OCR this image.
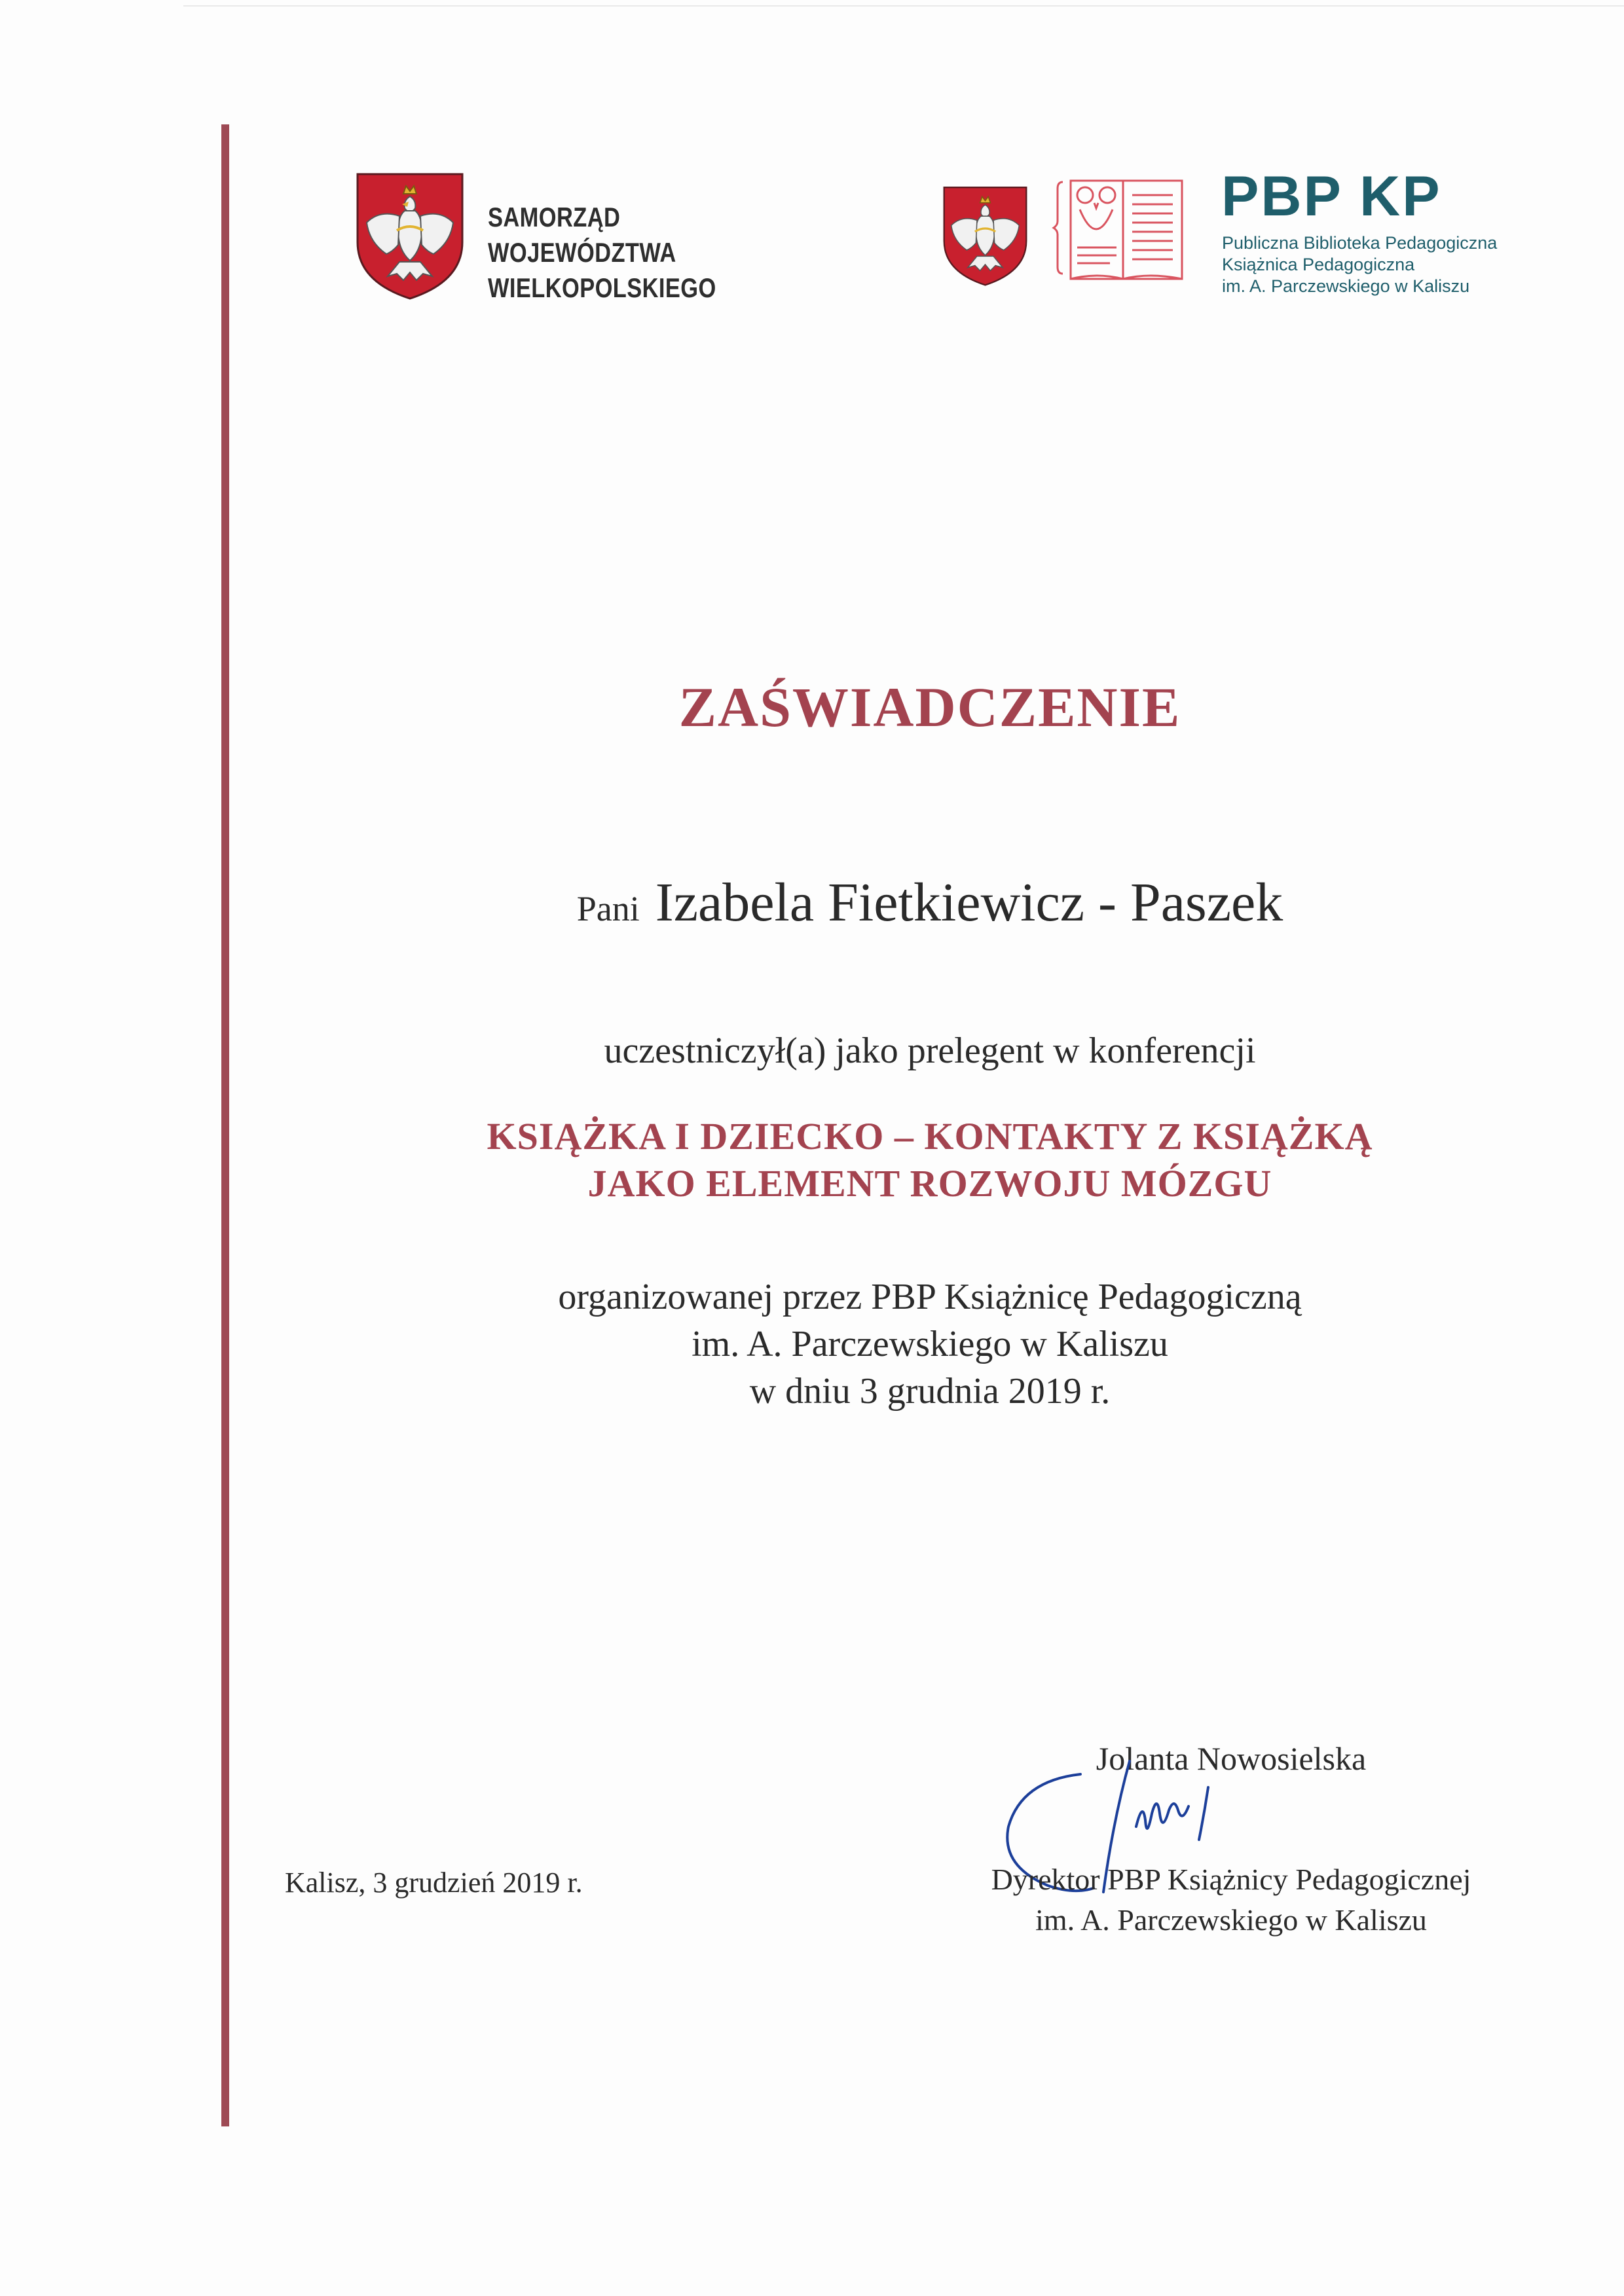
SAMORZĄD WOJEWÓDZTWA
WIELKOPOLSKIEGO
PBP KP
Publiczna Biblioteka Pedagogiczna
Książnica Pedagogiczna
im. A. Parczewskiego w Kaliszu
ZAŚWIADCZENIE
Pani Izabela Fietkiewicz - Paszek
uczestniczył(a) jako prelegent w konferencji
KSIĄŻKA I DZIECKO – KONTAKTY Z KSIĄŻKĄ
JAKO ELEMENT ROZWOJU MÓZGU
organizowanej przez PBP Książnicę Pedagogiczną
im. A. Parczewskiego w Kaliszu
w dniu 3 grudnia 2019 r.
Kalisz, 3 grudzień 2019 r.
Jolanta Nowosielska
Dyrektor PBP Książnicy Pedagogicznej
im. A. Parczewskiego w Kaliszu
